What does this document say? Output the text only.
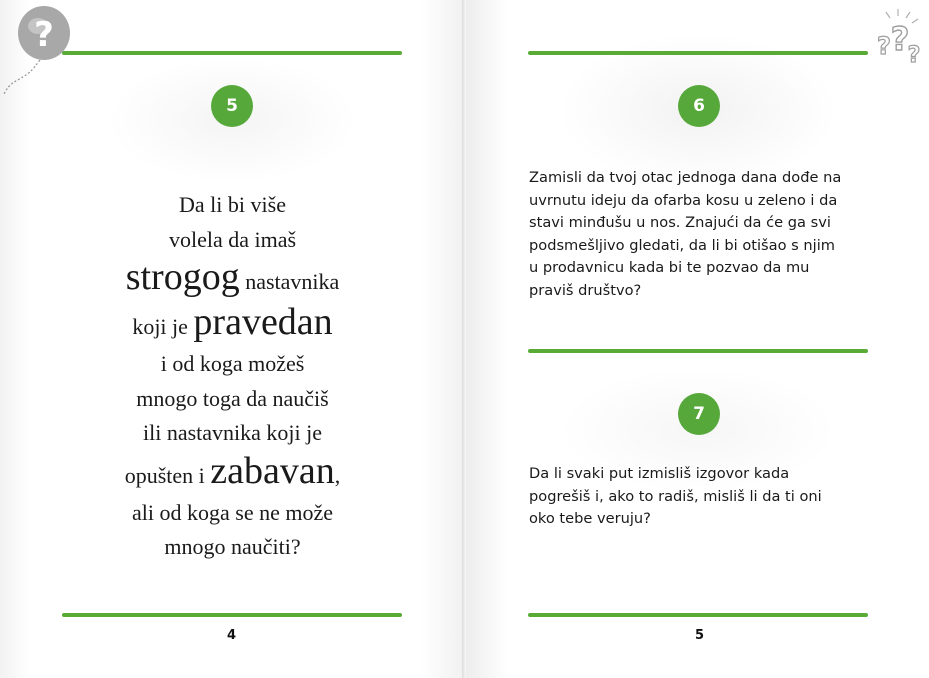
5
Da li bi više
volela da imaš
strogog nastavnika
koji je pravedan
i od koga možeš
mnogo toga da naučiš
ili nastavnika koji je
opušten i zabavan,
ali od koga se ne može
mnogo naučiti?
4
?
6
7
5
Zamisli da tvoj otac jednoga dana dođe na
uvrnutu ideju da ofarba kosu u zeleno i da
stavi minđušu u nos. Znajući da će ga svi
podsmešljivo gledati, da li bi otišao s njim
u prodavnicu kada bi te pozvao da mu
praviš društvo?
Da li svaki put izmisliš izgovor kada
pogrešiš i, ako to radiš, misliš li da ti oni
oko tebe veruju?
? ?
?
